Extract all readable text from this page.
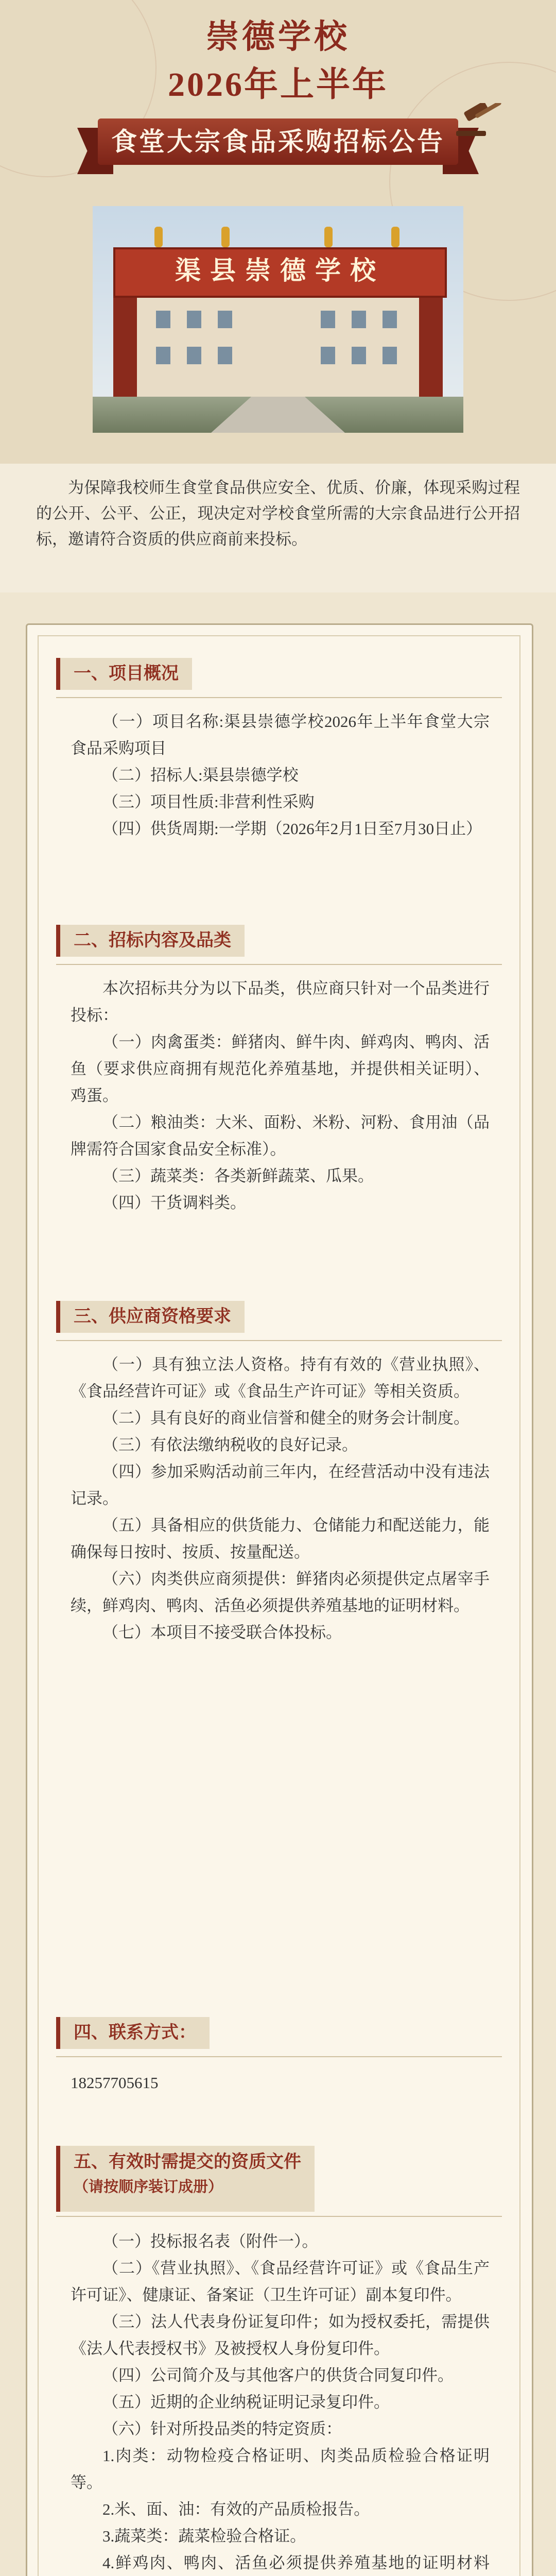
崇德学校
2026年上半年
食堂大宗食品采购招标公告
渠县崇德学校

为保障我校师生食堂食品供应安全、优质、价廉，体现采购过程的公开、公平、公正，现决定对学校食堂所需的大宗食品进行公开招标，邀请符合资质的供应商前来投标。

一、项目概况

（一）项目名称:渠县崇德学校2026年上半年食堂大宗食品采购项目

（二）招标人:渠县崇德学校

（三）项目性质:非营利性采购

（四）供货周期:一学期（2026年2月1日至7月30日止）

二、招标内容及品类

本次招标共分为以下品类，供应商只针对一个品类进行投标：

（一）肉禽蛋类：鲜猪肉、鲜牛肉、鲜鸡肉、鸭肉、活鱼（要求供应商拥有规范化养殖基地，并提供相关证明）、鸡蛋。

（二）粮油类：大米、面粉、米粉、河粉、食用油（品牌需符合国家食品安全标准）。

（三）蔬菜类：各类新鲜蔬菜、瓜果。

（四）干货调料类。

三、供应商资格要求

（一）具有独立法人资格。持有有效的《营业执照》、《食品经营许可证》或《食品生产许可证》等相关资质。

（二）具有良好的商业信誉和健全的财务会计制度。

（三）有依法缴纳税收的良好记录。

（四）参加采购活动前三年内，在经营活动中没有违法记录。

（五）具备相应的供货能力、仓储能力和配送能力，能确保每日按时、按质、按量配送。

（六）肉类供应商须提供：鲜猪肉必须提供定点屠宰手续，鲜鸡肉、鸭肉、活鱼必须提供养殖基地的证明材料。

（七）本项目不接受联合体投标。

四、联系方式：

18257705615

五、有效时需提交的资质文件
（请按顺序装订成册）

（一）投标报名表（附件一）。

（二）《营业执照》、《食品经营许可证》或《食品生产许可证》、健康证、备案证（卫生许可证）副本复印件。

（三）法人代表身份证复印件；如为授权委托，需提供《法人代表授权书》及被授权人身份复印件。

（四）公司简介及与其他客户的供货合同复印件。

（五）近期的企业纳税证明记录复印件。

（六）针对所投品类的特定资质：

1.肉类：动物检疫合格证明、肉类品质检验合格证明等。

2.米、面、油：有效的产品质检报告。

3.蔬菜类：蔬菜检验合格证。

4.鲜鸡肉、鸭肉、活鱼必须提供养殖基地的证明材料
